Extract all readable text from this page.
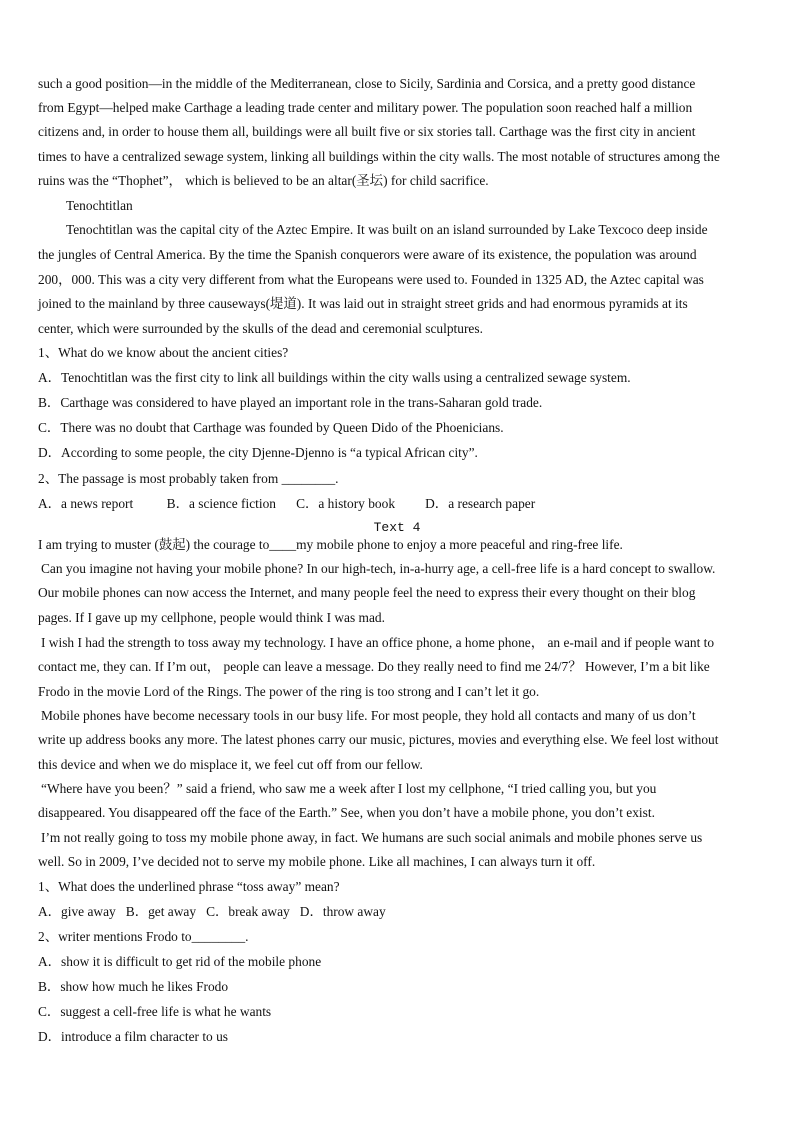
such a good position—in the middle of the Mediterranean, close to Sicily, Sardinia and Corsica, and a pretty good distance
from Egypt—helped make Carthage a leading trade center and military power. The population soon reached half a million
citizens and, in order to house them all, buildings were all built five or six stories tall. Carthage was the first city in ancient
times to have a centralized sewage system, linking all buildings within the city walls. The most notable of structures among the
ruins was the “Thophet”， which is believed to be an altar(圣坛) for child sacrifice.
Tenochtitlan
Tenochtitlan was the capital city of the Aztec Empire. It was built on an island surrounded by Lake Texcoco deep inside
the jungles of Central America. By the time the Spanish conquerors were aware of its existence, the population was around
200，000. This was a city very different from what the Europeans were used to. Founded in 1325 AD, the Aztec capital was
joined to the mainland by three causeways(堤道). It was laid out in straight street grids and had enormous pyramids at its
center, which were surrounded by the skulls of the dead and ceremonial sculptures.
1、What do we know about the ancient cities?
A．Tenochtitlan was the first city to link all buildings within the city walls using a centralized sewage system.
B．Carthage was considered to have played an important role in the trans-Saharan gold trade.
C．There was no doubt that Carthage was founded by Queen Dido of the Phoenicians.
D．According to some people, the city Djenne-Djenno is “a typical African city”.
2、The passage is most probably taken from ________.
A．a news report          B．a science fiction      C．a history book         D．a research paper
Text 4
I am trying to muster (鼓起) the courage to____my mobile phone to enjoy a more peaceful and ring-free life.
Can you imagine not having your mobile phone? In our high-tech, in-a-hurry age, a cell-free life is a hard concept to swallow.
Our mobile phones can now access the Internet, and many people feel the need to express their every thought on their blog
pages. If I gave up my cellphone, people would think I was mad.
I wish I had the strength to toss away my technology. I have an office phone, a home phone， an e-mail and if people want to
contact me, they can. If I’m out， people can leave a message. Do they really need to find me 24/7？ However, I’m a bit like
Frodo in the movie Lord of the Rings. The power of the ring is too strong and I can’t let it go.
Mobile phones have become necessary tools in our busy life. For most people, they hold all contacts and many of us don’t
write up address books any more. The latest phones carry our music, pictures, movies and everything else. We feel lost without
this device and when we do misplace it, we feel cut off from our fellow.
“Where have you been？” said a friend, who saw me a week after I lost my cellphone, “I tried calling you, but you
disappeared. You disappeared off the face of the Earth.” See, when you don’t have a mobile phone, you don’t exist.
I’m not really going to toss my mobile phone away, in fact. We humans are such social animals and mobile phones serve us
well. So in 2009, I’ve decided not to serve my mobile phone. Like all machines, I can always turn it off.
1、What does the underlined phrase “toss away” mean?
A．give away   B．get away   C．break away   D．throw away
2、writer mentions Frodo to________.
A．show it is difficult to get rid of the mobile phone
B．show how much he likes Frodo
C．suggest a cell-free life is what he wants
D．introduce a film character to us
